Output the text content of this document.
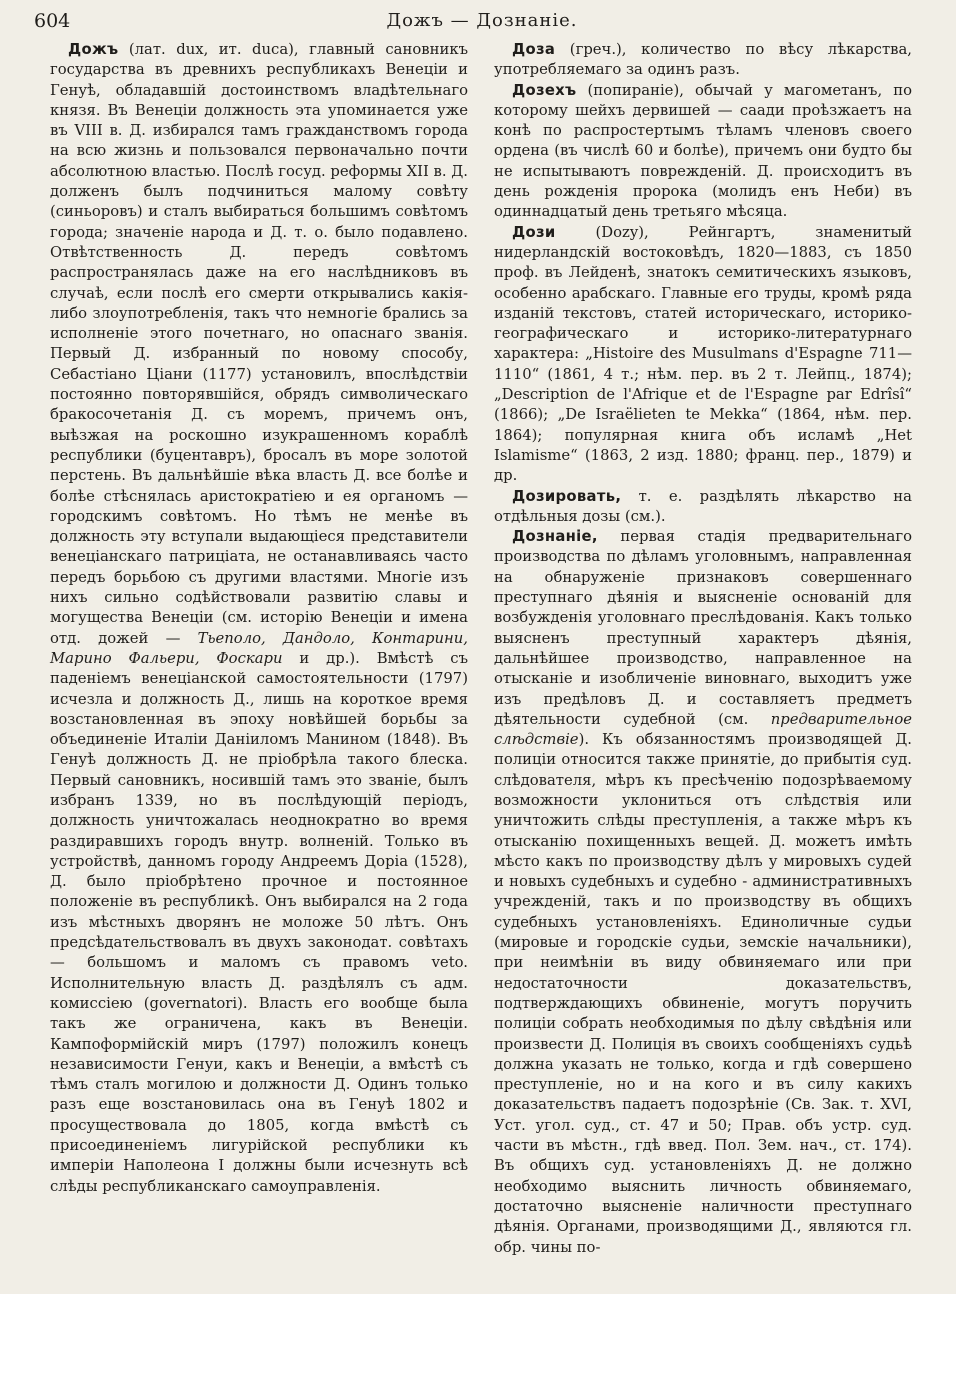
604	Дожъ — Дознаніе.

Дожъ (лат. dux, ит. duca), главный сановникъ государства въ древнихъ республикахъ Венеціи и Генуѣ, обладавшій достоинствомъ владѣтельнаго князя. Въ Венеціи должность эта упоминается уже въ VIII в. Д. избирался тамъ гражданствомъ города на всю жизнь и пользовался первоначально почти абсолютною властью. Послѣ госуд. реформы XII в. Д. долженъ былъ подчиниться малому совѣту (синьоровъ) и сталъ выбираться большимъ совѣтомъ города; значеніе народа и Д. т. о. было подавлено. Отвѣтственность Д. передъ совѣтомъ распространялась даже на его наслѣдниковъ въ случаѣ, если послѣ его смерти открывались какія-либо злоупотребленія, такъ что немногіе брались за исполненіе этого почетнаго, но опаснаго званія. Первый Д. избранный по новому способу, Себастіано Ціани (1177) установилъ, впослѣдствіи постоянно повторявшійся, обрядъ символическаго бракосочетанія Д. съ моремъ, причемъ онъ, выѣзжая на роскошно изукрашенномъ кораблѣ республики (буцентавръ), бросалъ въ море золотой перстень. Въ дальнѣйшіе вѣка власть Д. все болѣе и болѣе стѣснялась аристократіею и ея органомъ — городскимъ совѣтомъ. Но тѣмъ не менѣе въ должность эту вступали выдающіеся представители венеціанскаго патриціата, не останавливаясь часто передъ борьбою съ другими властями. Многіе изъ нихъ сильно содѣйствовали развитію славы и могущества Венеціи (см. исторію Венеціи и имена отд. дожей — Тьеполо, Дандоло, Контарини, Марино Фальери, Фоскари и др.). Вмѣстѣ съ паденіемъ венеціанской самостоятельности (1797) исчезла и должность Д., лишь на короткое время возстановленная въ эпоху новѣйшей борьбы за объединеніе Италіи Даніиломъ Манином (1848). Въ Генуѣ должность Д. не пріобрѣла такого блеска. Первый сановникъ, носившій тамъ это званіе, былъ избранъ 1339, но въ послѣдующій періодъ, должность уничтожалась неоднократно во время раздиравшихъ городъ внутр. волненій. Только въ устройствѣ, данномъ городу Андреемъ Доріа (1528), Д. было пріобрѣтено прочное и постоянное положеніе въ республикѣ. Онъ выбирался на 2 года изъ мѣстныхъ дворянъ не моложе 50 лѣтъ. Онъ предсѣдательствовалъ въ двухъ законодат. совѣтахъ — большомъ и маломъ съ правомъ veto. Исполнительную власть Д. раздѣлялъ съ адм. комиссіею (governatori). Власть его вообще была такъ же ограничена, какъ въ Венеціи. Кампоформійскій миръ (1797) положилъ конецъ независимости Генуи, какъ и Венеціи, а вмѣстѣ съ тѣмъ сталъ могилою и должности Д. Одинъ только разъ еще возстановилась она въ Генуѣ 1802 и просуществовала до 1805, когда вмѣстѣ съ присоединеніемъ лигурійской республики къ имперіи Наполеона I должны были исчезнуть всѣ слѣды республиканскаго самоуправленія.

Доза (греч.), количество по вѣсу лѣкарства, употребляемаго за одинъ разъ.

Дозехъ (попираніе), обычай у магометанъ, по которому шейхъ дервишей — саади проѣзжаетъ на конѣ по распростертымъ тѣламъ членовъ своего ордена (въ числѣ 60 и болѣе), причемъ они будто бы не испытываютъ поврежденій. Д. происходитъ въ день рожденія пророка (молидъ енъ Неби) въ одиннадцатый день третьяго мѣсяца.

Дози (Dozy), Рейнгартъ, знаменитый нидерландскій востоковѣдъ, 1820—1883, съ 1850 проф. въ Лейденѣ, знатокъ семитическихъ языковъ, особенно арабскаго. Главные его труды, кромѣ ряда изданій текстовъ, статей историческаго, историко-географическаго и историко-литературнаго характера: „Histoire des Musulmans d'Espagne 711—1110“ (1861, 4 т.; нѣм. пер. въ 2 т. Лейпц., 1874); „Description de l'Afrique et de l'Espagne par Edrîsî“ (1866); „De Israëlieten te Mekka“ (1864, нѣм. пер. 1864); популярная книга объ исламѣ „Het Islamisme“ (1863, 2 изд. 1880; франц. пер., 1879) и др.

Дозировать, т. е. раздѣлять лѣкарство на отдѣльныя дозы (см.).

Дознаніе, первая стадія предварительнаго производства по дѣламъ уголовнымъ, направленная на обнаруженіе признаковъ совершеннаго преступнаго дѣянія и выясненіе основаній для возбужденія уголовнаго преслѣдованія. Какъ только выясненъ преступный характеръ дѣянія, дальнѣйшее производство, направленное на отысканіе и изобличеніе виновнаго, выходитъ уже изъ предѣловъ Д. и составляетъ предметъ дѣятельности судебной (см. предварительное слѣдствіе). Къ обязанностямъ производящей Д. полиціи относится также принятіе, до прибытія суд. слѣдователя, мѣръ къ пресѣченію подозрѣваемому возможности уклониться отъ слѣдствія или уничтожить слѣды преступленія, а также мѣръ къ отысканію похищенныхъ вещей. Д. можетъ имѣть мѣсто какъ по производству дѣлъ у мировыхъ судей и новыхъ судебныхъ и судебно - административныхъ учрежденій, такъ и по производству въ общихъ судебныхъ установленіяхъ. Единоличные судьи (мировые и городскіе судьи, земскіе начальники), при неимѣніи въ виду обвиняемаго или при недостаточности доказательствъ, подтверждающихъ обвиненіе, могутъ поручить полиціи собрать необходимыя по дѣлу свѣдѣнія или произвести Д. Полиція въ своихъ сообщеніяхъ судьѣ должна указать не только, когда и гдѣ совершено преступленіе, но и на кого и въ силу какихъ доказательствъ падаетъ подозрѣніе (Св. Зак. т. XVI, Уст. угол. суд., ст. 47 и 50; Прав. объ устр. суд. части въ мѣстн., гдѣ введ. Пол. Зем. нач., ст. 174). Въ общихъ суд. установленіяхъ Д. не должно необходимо выяснить личность обвиняемаго, достаточно выясненіе наличности преступнаго дѣянія. Органами, производящими Д., являются гл. обр. чины по-
